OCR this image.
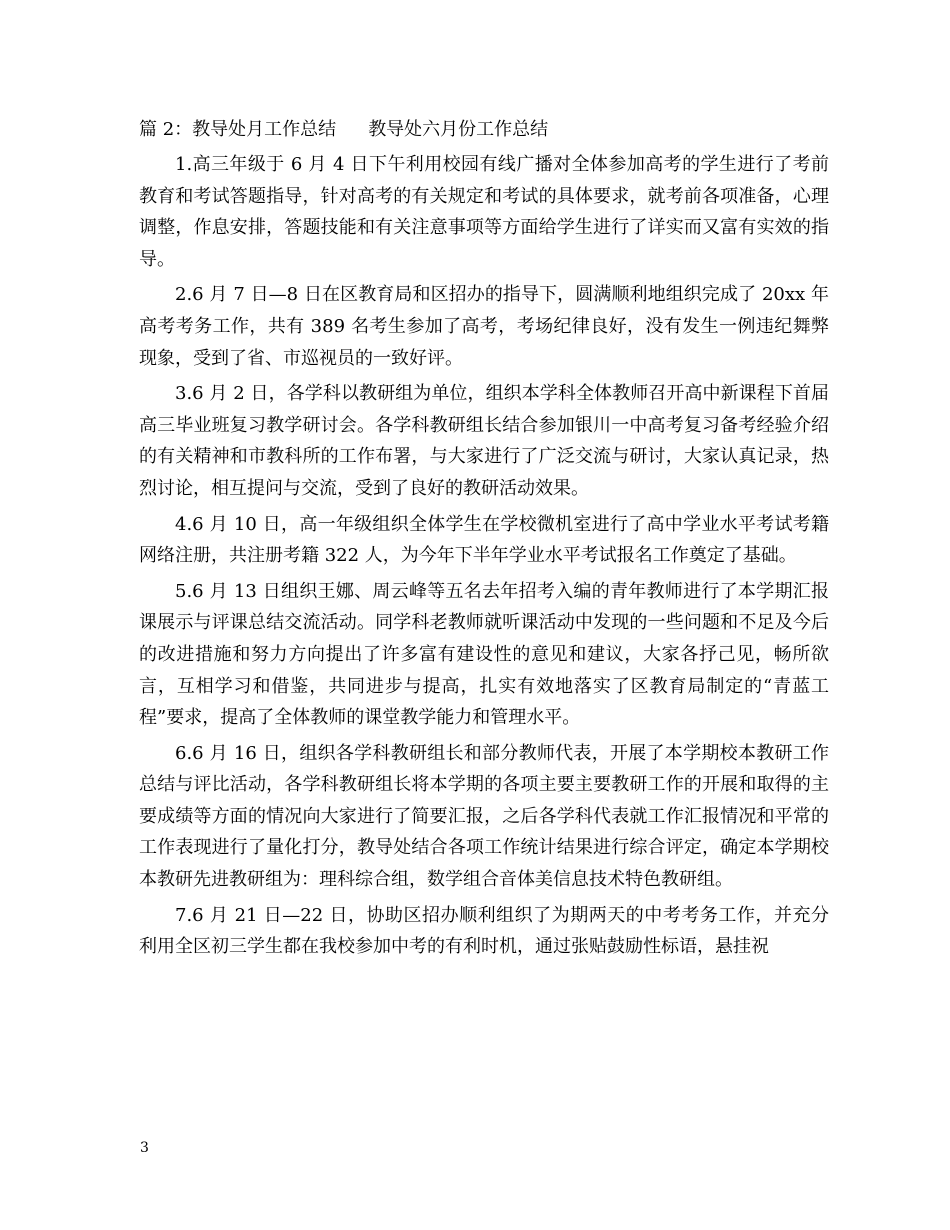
篇 2：教导处月工作总结 教导处六月份工作总结

1.高三年级于 6 月 4 日下午利用校园有线广播对全体参加高考的学生进行了考前教育和考试答题指导，针对高考的有关规定和考试的具体要求，就考前各项准备，心理调整，作息安排，答题技能和有关注意事项等方面给学生进行了详实而又富有实效的指导。

2.6 月 7 日—8 日在区教育局和区招办的指导下，圆满顺利地组织完成了 20xx 年高考考务工作，共有 389 名考生参加了高考，考场纪律良好，没有发生一例违纪舞弊现象，受到了省、市巡视员的一致好评。

3.6 月 2 日，各学科以教研组为单位，组织本学科全体教师召开高中新课程下首届高三毕业班复习教学研讨会。各学科教研组长结合参加银川一中高考复习备考经验介绍的有关精神和市教科所的工作布署，与大家进行了广泛交流与研讨，大家认真记录，热烈讨论，相互提问与交流，受到了良好的教研活动效果。

4.6 月 10 日，高一年级组织全体学生在学校微机室进行了高中学业水平考试考籍网络注册，共注册考籍 322 人，为今年下半年学业水平考试报名工作奠定了基础。

5.6 月 13 日组织王娜、周云峰等五名去年招考入编的青年教师进行了本学期汇报课展示与评课总结交流活动。同学科老教师就听课活动中发现的一些问题和不足及今后的改进措施和努力方向提出了许多富有建设性的意见和建议，大家各抒己见，畅所欲言，互相学习和借鉴，共同进步与提高，扎实有效地落实了区教育局制定的“青蓝工程”要求，提高了全体教师的课堂教学能力和管理水平。

6.6 月 16 日，组织各学科教研组长和部分教师代表，开展了本学期校本教研工作总结与评比活动，各学科教研组长将本学期的各项主要主要教研工作的开展和取得的主要成绩等方面的情况向大家进行了简要汇报，之后各学科代表就工作汇报情况和平常的工作表现进行了量化打分，教导处结合各项工作统计结果进行综合评定，确定本学期校本教研先进教研组为：理科综合组，数学组合音体美信息技术特色教研组。

7.6 月 21 日—22 日，协助区招办顺利组织了为期两天的中考考务工作，并充分利用全区初三学生都在我校参加中考的有利时机，通过张贴鼓励性标语，悬挂祝

3
